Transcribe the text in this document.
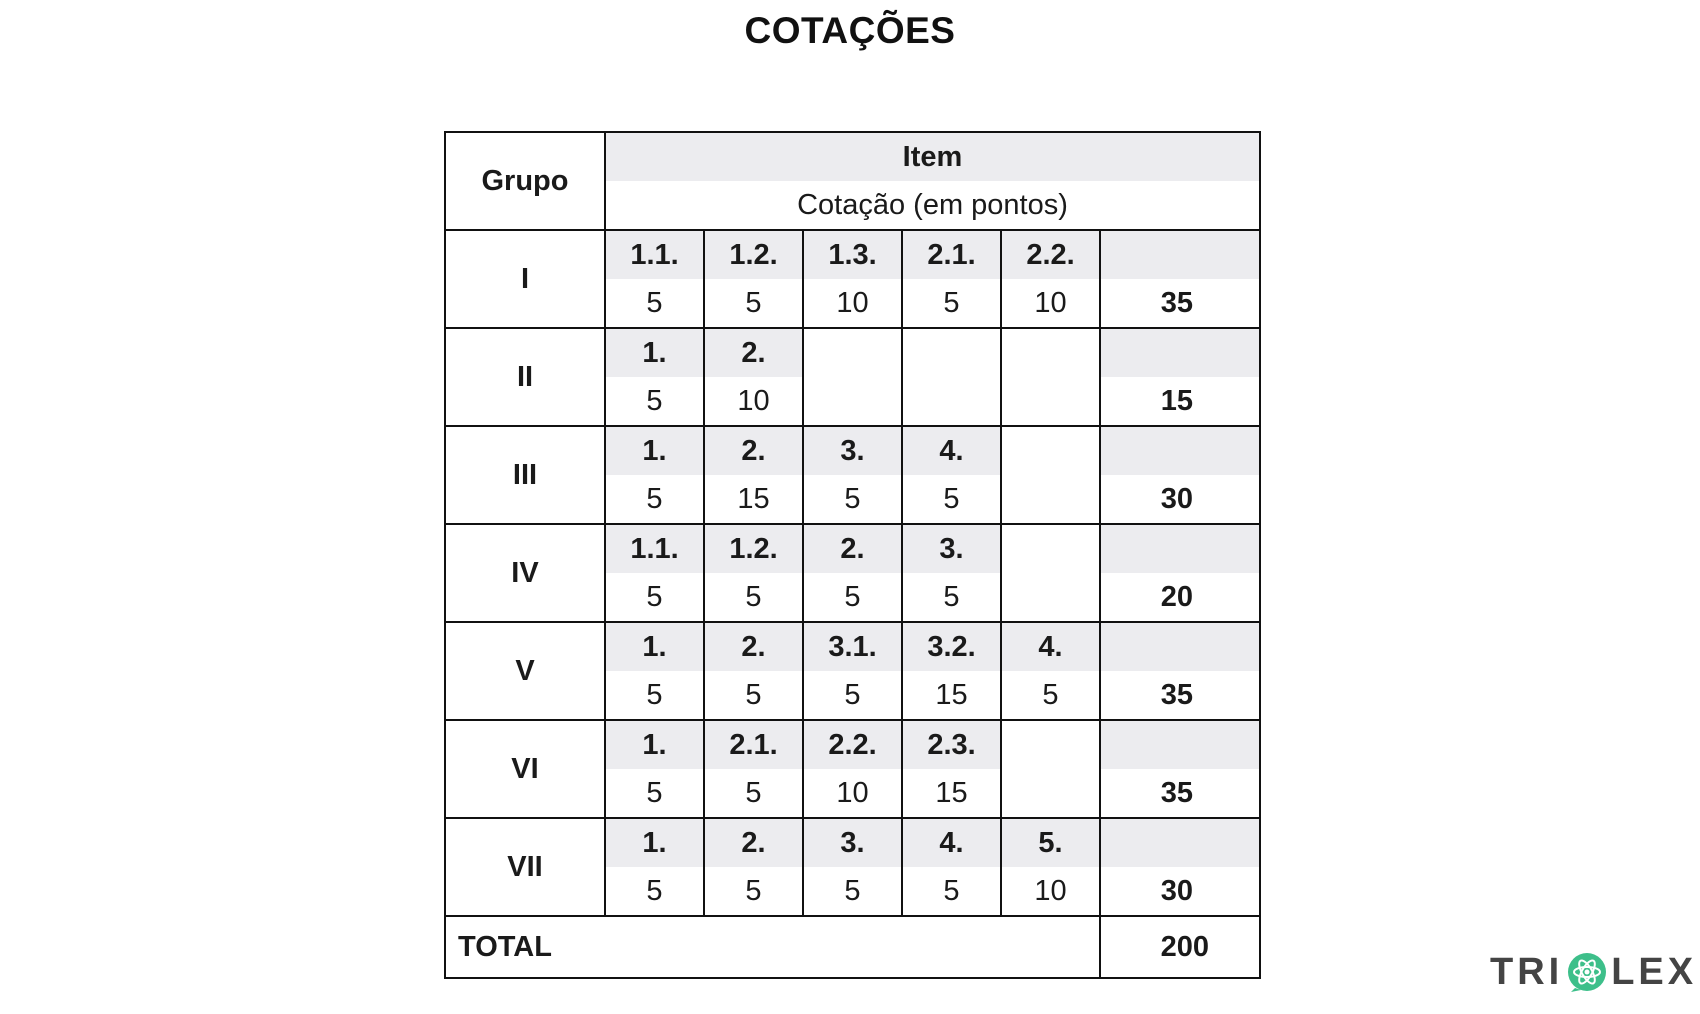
COTAÇÕES
Grupo	Item					
	Cotação (em pontos)					
I	1.1.	1.2.	1.3.	2.1.	2.2.	
	5	5	10	5	10	35
II	1.	2.				
	5	10				15
III	1.	2.	3.	4.		
	5	15	5	5		30
IV	1.1.	1.2.	2.	3.		
	5	5	5	5		20
V	1.	2.	3.1.	3.2.	4.	
	5	5	5	15	5	35
VI	1.	2.1.	2.2.	2.3.		
	5	5	10	15		35
VII	1.	2.	3.	4.	5.	
	5	5	5	5	10	30
TOTAL						200
TRI LEX
